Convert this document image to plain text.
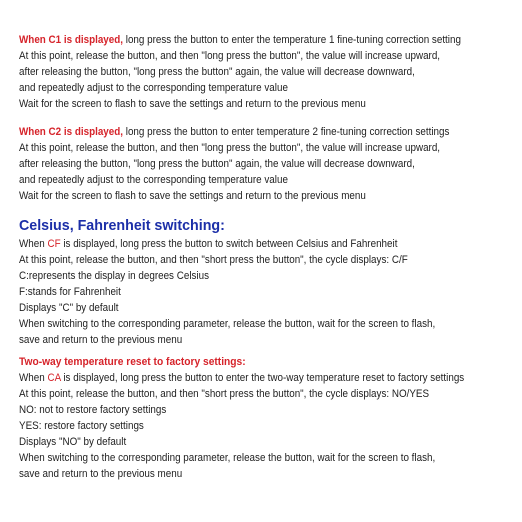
When C1 is displayed, long press the button to enter the temperature 1 fine-tuning correction setting
At this point, release the button, and then "long press the button", the value will increase upward,
after releasing the button, "long press the button" again, the value will decrease downward,
and repeatedly adjust to the corresponding temperature value
Wait for the screen to flash to save the settings and return to the previous menu
When C2 is displayed, long press the button to enter temperature 2 fine-tuning correction settings
At this point, release the button, and then "long press the button", the value will increase upward,
after releasing the button, "long press the button" again, the value will decrease downward,
and repeatedly adjust to the corresponding temperature value
Wait for the screen to flash to save the settings and return to the previous menu
Celsius, Fahrenheit switching:
When CF is displayed, long press the button to switch between Celsius and Fahrenheit
At this point, release the button, and then "short press the button", the cycle displays: C/F
C:represents the display in degrees Celsius
F:stands for Fahrenheit
Displays "C" by default
When switching to the corresponding parameter, release the button, wait for the screen to flash,
save and return to the previous menu
Two-way temperature reset to factory settings:
When CA is displayed, long press the button to enter the two-way temperature reset to factory settings
At this point, release the button, and then "short press the button", the cycle displays: NO/YES
NO: not to restore factory settings
YES: restore factory settings
Displays "NO" by default
When switching to the corresponding parameter, release the button, wait for the screen to flash,
save and return to the previous menu
